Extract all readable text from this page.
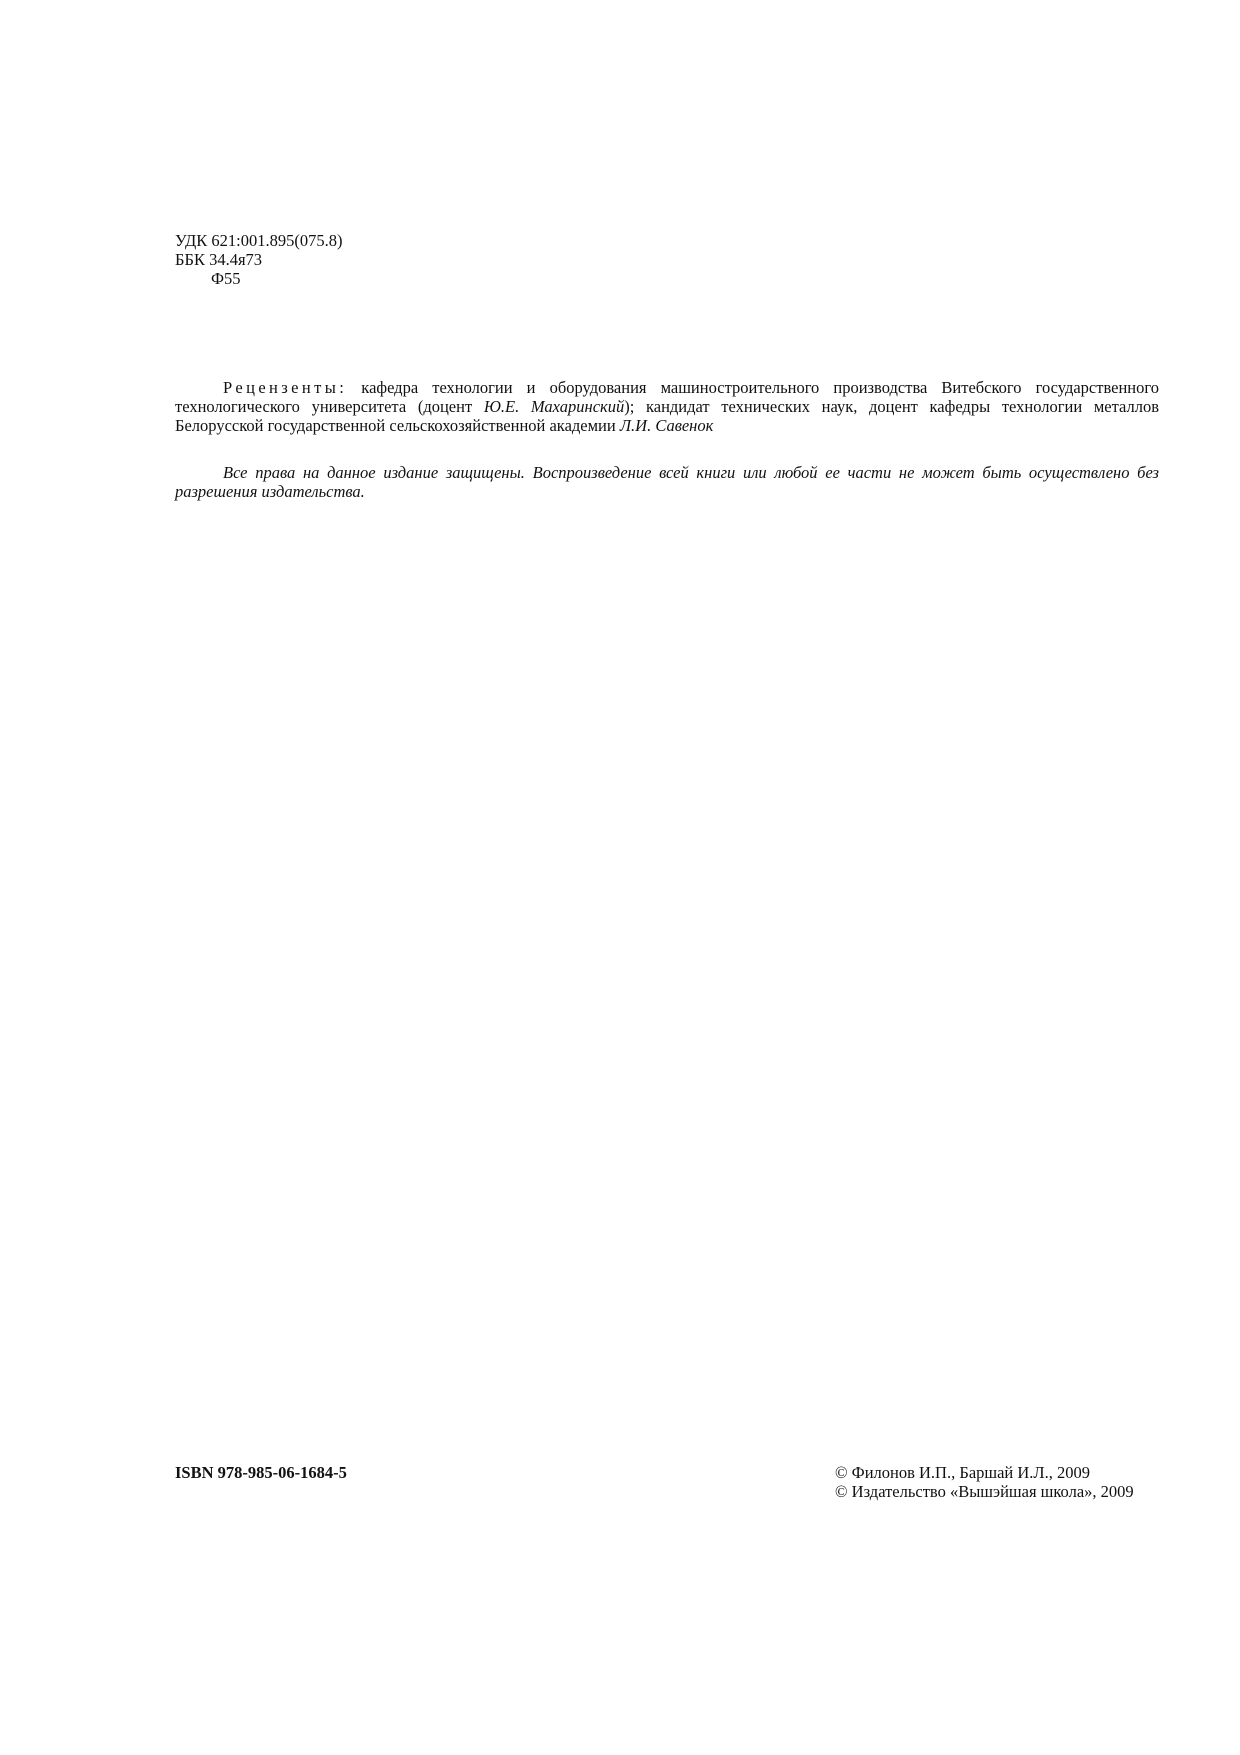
УДК 621:001.895(075.8)
ББК 34.4я73
Ф55

Рецензенты: кафедра технологии и оборудования машиностроительного производства Витебского государственного технологического университета (доцент Ю.Е. Махаринский); кандидат технических наук, доцент кафедры технологии металлов Белорусской государственной сельскохозяйственной академии Л.И. Савенок

Все права на данное издание защищены. Воспроизведение всей книги или любой ее части не может быть осуществлено без разрешения издательства.

ISBN 978-985-06-1684-5	© Филонов И.П., Баршай И.Л., 2009
© Издательство «Вышэйшая школа», 2009
